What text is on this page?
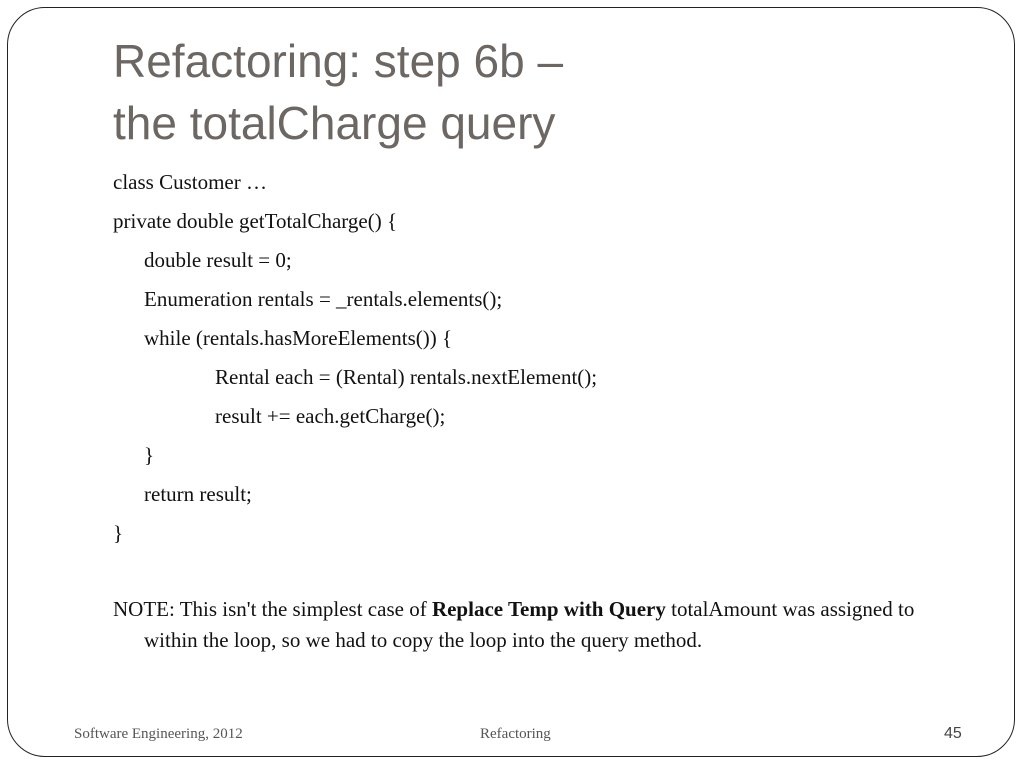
Refactoring: step 6b –
the totalCharge query
class Customer …
private double getTotalCharge() {
double result = 0;
Enumeration rentals = _rentals.elements();
while (rentals.hasMoreElements()) {
Rental each = (Rental) rentals.nextElement();
result += each.getCharge();
}
return result;
}
NOTE: This isn't the simplest case of Replace Temp with Query totalAmount was assigned to within the loop, so we had to copy the loop into the query method.
Software Engineering, 2012	Refactoring	45
